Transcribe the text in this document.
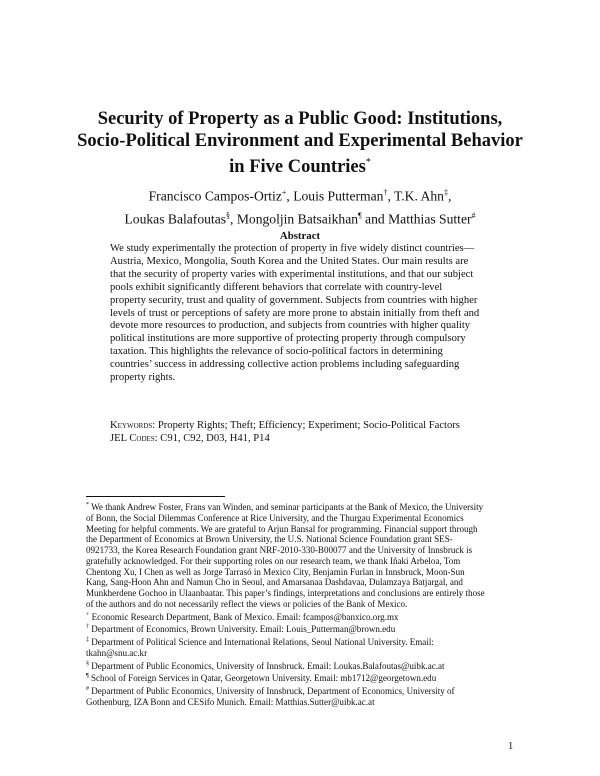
Security of Property as a Public Good: Institutions,
Socio-Political Environment and Experimental Behavior
in Five Countries*
Francisco Campos-Ortiz+, Louis Putterman†, T.K. Ahn‡,
Loukas Balafoutas§, Mongoljin Batsaikhan¶ and Matthias Sutter#
Abstract
We study experimentally the protection of property in five widely distinct countries—
Austria, Mexico, Mongolia, South Korea and the United States. Our main results are
that the security of property varies with experimental institutions, and that our subject
pools exhibit significantly different behaviors that correlate with country-level
property security, trust and quality of government. Subjects from countries with higher
levels of trust or perceptions of safety are more prone to abstain initially from theft and
devote more resources to production, and subjects from countries with higher quality
political institutions are more supportive of protecting property through compulsory
taxation. This highlights the relevance of socio-political factors in determining
countries’ success in addressing collective action problems including safeguarding
property rights.
Keywords: Property Rights; Theft; Efficiency; Experiment; Socio-Political Factors
JEL Codes: C91, C92, D03, H41, P14
* We thank Andrew Foster, Frans van Winden, and seminar participants at the Bank of Mexico, the University
of Bonn, the Social Dilemmas Conference at Rice University, and the Thurgau Experimental Economics
Meeting for helpful comments. We are grateful to Arjun Bansal for programming. Financial support through
the Department of Economics at Brown University, the U.S. National Science Foundation grant SES-
0921733, the Korea Research Foundation grant NRF-2010-330-B00077 and the University of Innsbruck is
gratefully acknowledged. For their supporting roles on our research team, we thank Iñaki Arbeloa, Tom
Chentong Xu, I Chen as well as Jorge Tarrasó in Mexico City, Benjamin Furlan in Innsbruck, Moon-Sun
Kang, Sang-Hoon Ahn and Namun Cho in Seoul, and Amarsanaa Dashdavaa, Dulamzaya Batjargal, and
Munkherdene Gochoo in Ulaanbaatar. This paper’s findings, interpretations and conclusions are entirely those
of the authors and do not necessarily reflect the views or policies of the Bank of Mexico.

+ Economic Research Department, Bank of Mexico. Email: fcampos@banxico.org.mx

† Department of Economics, Brown University. Email: Louis_Putterman@brown.edu

‡ Department of Political Science and International Relations, Seoul National University. Email:

tkahn@snu.ac.kr

§ Department of Public Economics, University of Innsbruck. Email: Loukas.Balafoutas@uibk.ac.at

¶ School of Foreign Services in Qatar, Georgetown University. Email: mb1712@georgetown.edu

# Department of Public Economics, University of Innsbruck, Department of Economics, University of

Gothenburg, IZA Bonn and CESifo Munich. Email: Matthias.Sutter@uibk.ac.at

1
